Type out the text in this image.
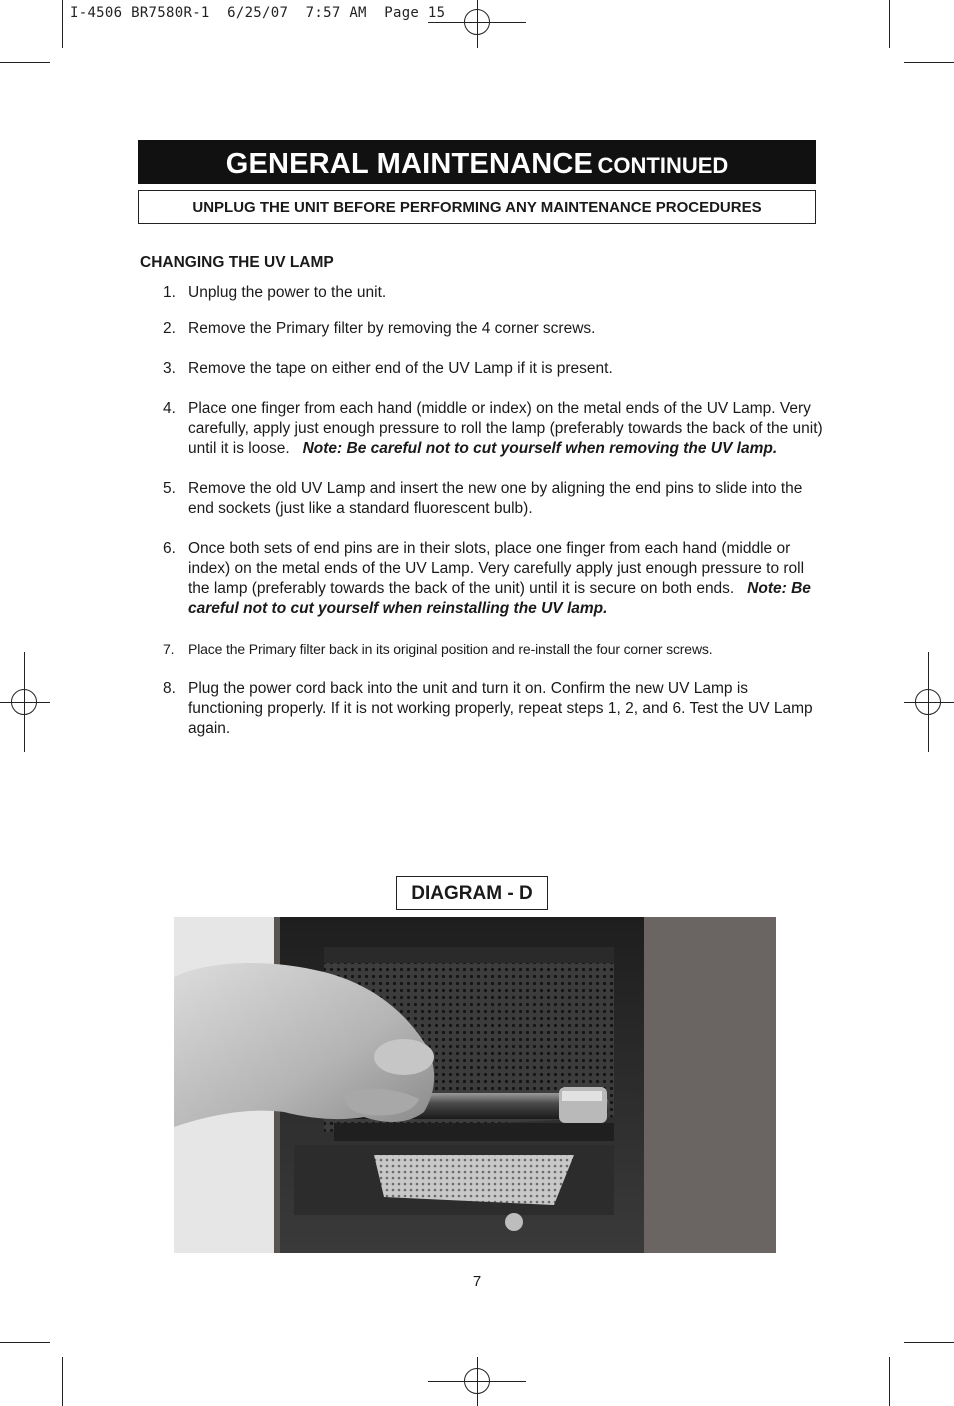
I-4506 BR7580R-1  6/25/07  7:57 AM  Page 15
GENERAL MAINTENANCE CONTINUED
UNPLUG THE UNIT BEFORE PERFORMING ANY MAINTENANCE PROCEDURES
CHANGING THE UV LAMP
1. Unplug the power to the unit.
2. Remove the Primary filter by removing the 4 corner screws.
3. Remove the tape on either end of the UV Lamp if it is present.
4. Place one finger from each hand (middle or index) on the metal ends of the UV Lamp. Very carefully, apply just enough pressure to roll the lamp (preferably towards the back of the unit) until it is loose. Note: Be careful not to cut yourself when removing the UV lamp.
5. Remove the old UV Lamp and insert the new one by aligning the end pins to slide into the end sockets (just like a standard fluorescent bulb).
6. Once both sets of end pins are in their slots, place one finger from each hand (middle or index) on the metal ends of the UV Lamp. Very carefully apply just enough pressure to roll the lamp (preferably towards the back of the unit) until it is secure on both ends. Note: Be careful not to cut yourself when reinstalling the UV lamp.
7. Place the Primary filter back in its original position and re-install the four corner screws.
8. Plug the power cord back into the unit and turn it on. Confirm the new UV Lamp is functioning properly. If it is not working properly, repeat steps 1, 2, and 6. Test the UV Lamp again.
DIAGRAM - D
7
